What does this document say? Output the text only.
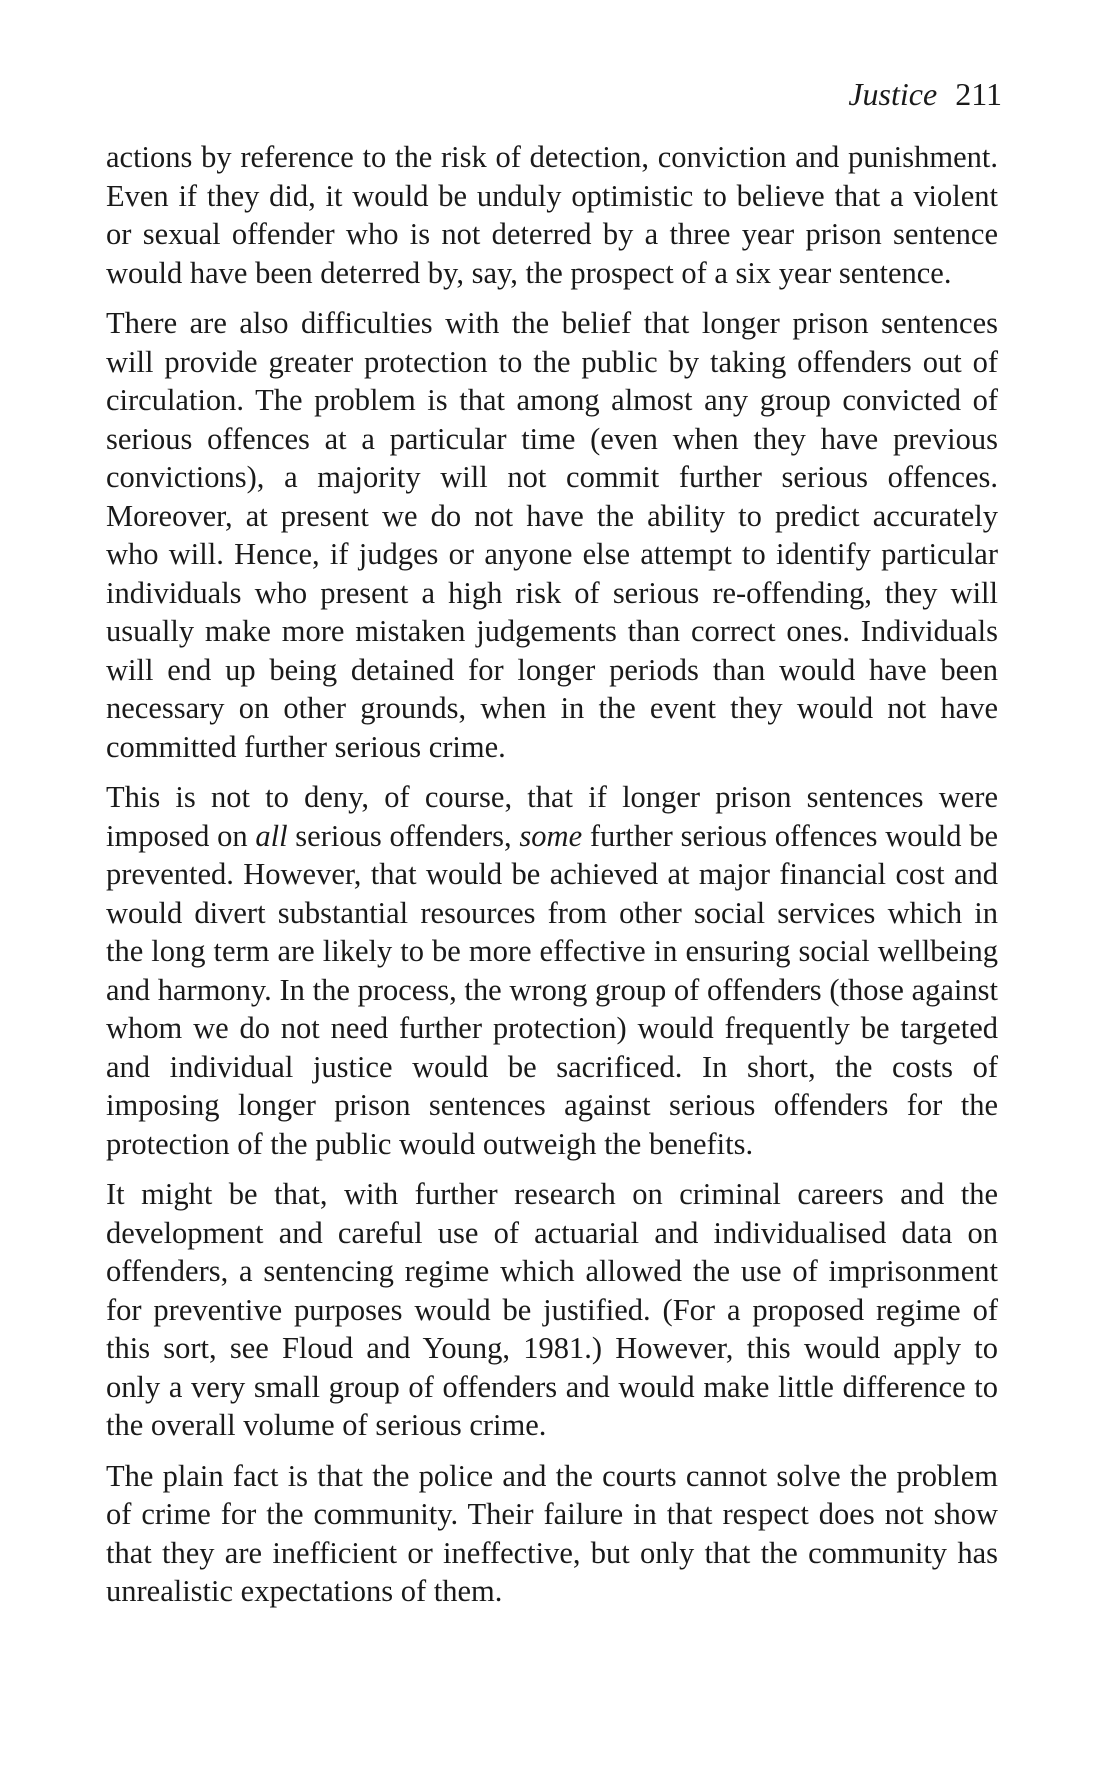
Justice 211

actions by reference to the risk of detection, conviction and punishment. Even if they did, it would be unduly optimistic to believe that a violent or sexual offender who is not deterred by a three year prison sentence would have been deterred by, say, the prospect of a six year sentence.

There are also difficulties with the belief that longer prison sentences will provide greater protection to the public by taking offenders out of circulation. The problem is that among almost any group convicted of serious offences at a particular time (even when they have previous convictions), a majority will not commit further serious offences. Moreover, at present we do not have the ability to predict accurately who will. Hence, if judges or anyone else attempt to identify particular individuals who present a high risk of serious re-offending, they will usually make more mistaken judgements than correct ones. Individuals will end up being detained for longer periods than would have been necessary on other grounds, when in the event they would not have committed further serious crime.

This is not to deny, of course, that if longer prison sentences were imposed on all serious offenders, some further serious offences would be prevented. However, that would be achieved at major financial cost and would divert substantial resources from other social services which in the long term are likely to be more effective in ensuring social wellbeing and harmony. In the process, the wrong group of offenders (those against whom we do not need further protection) would frequently be targeted and individual justice would be sacrificed. In short, the costs of imposing longer prison sentences against serious offenders for the protection of the public would outweigh the benefits.

It might be that, with further research on criminal careers and the development and careful use of actuarial and individualised data on offenders, a sentencing regime which allowed the use of imprisonment for preventive purposes would be justified. (For a proposed regime of this sort, see Floud and Young, 1981.) However, this would apply to only a very small group of offenders and would make little difference to the overall volume of serious crime.

The plain fact is that the police and the courts cannot solve the problem of crime for the community. Their failure in that respect does not show that they are inefficient or ineffective, but only that the community has unrealistic expectations of them.
